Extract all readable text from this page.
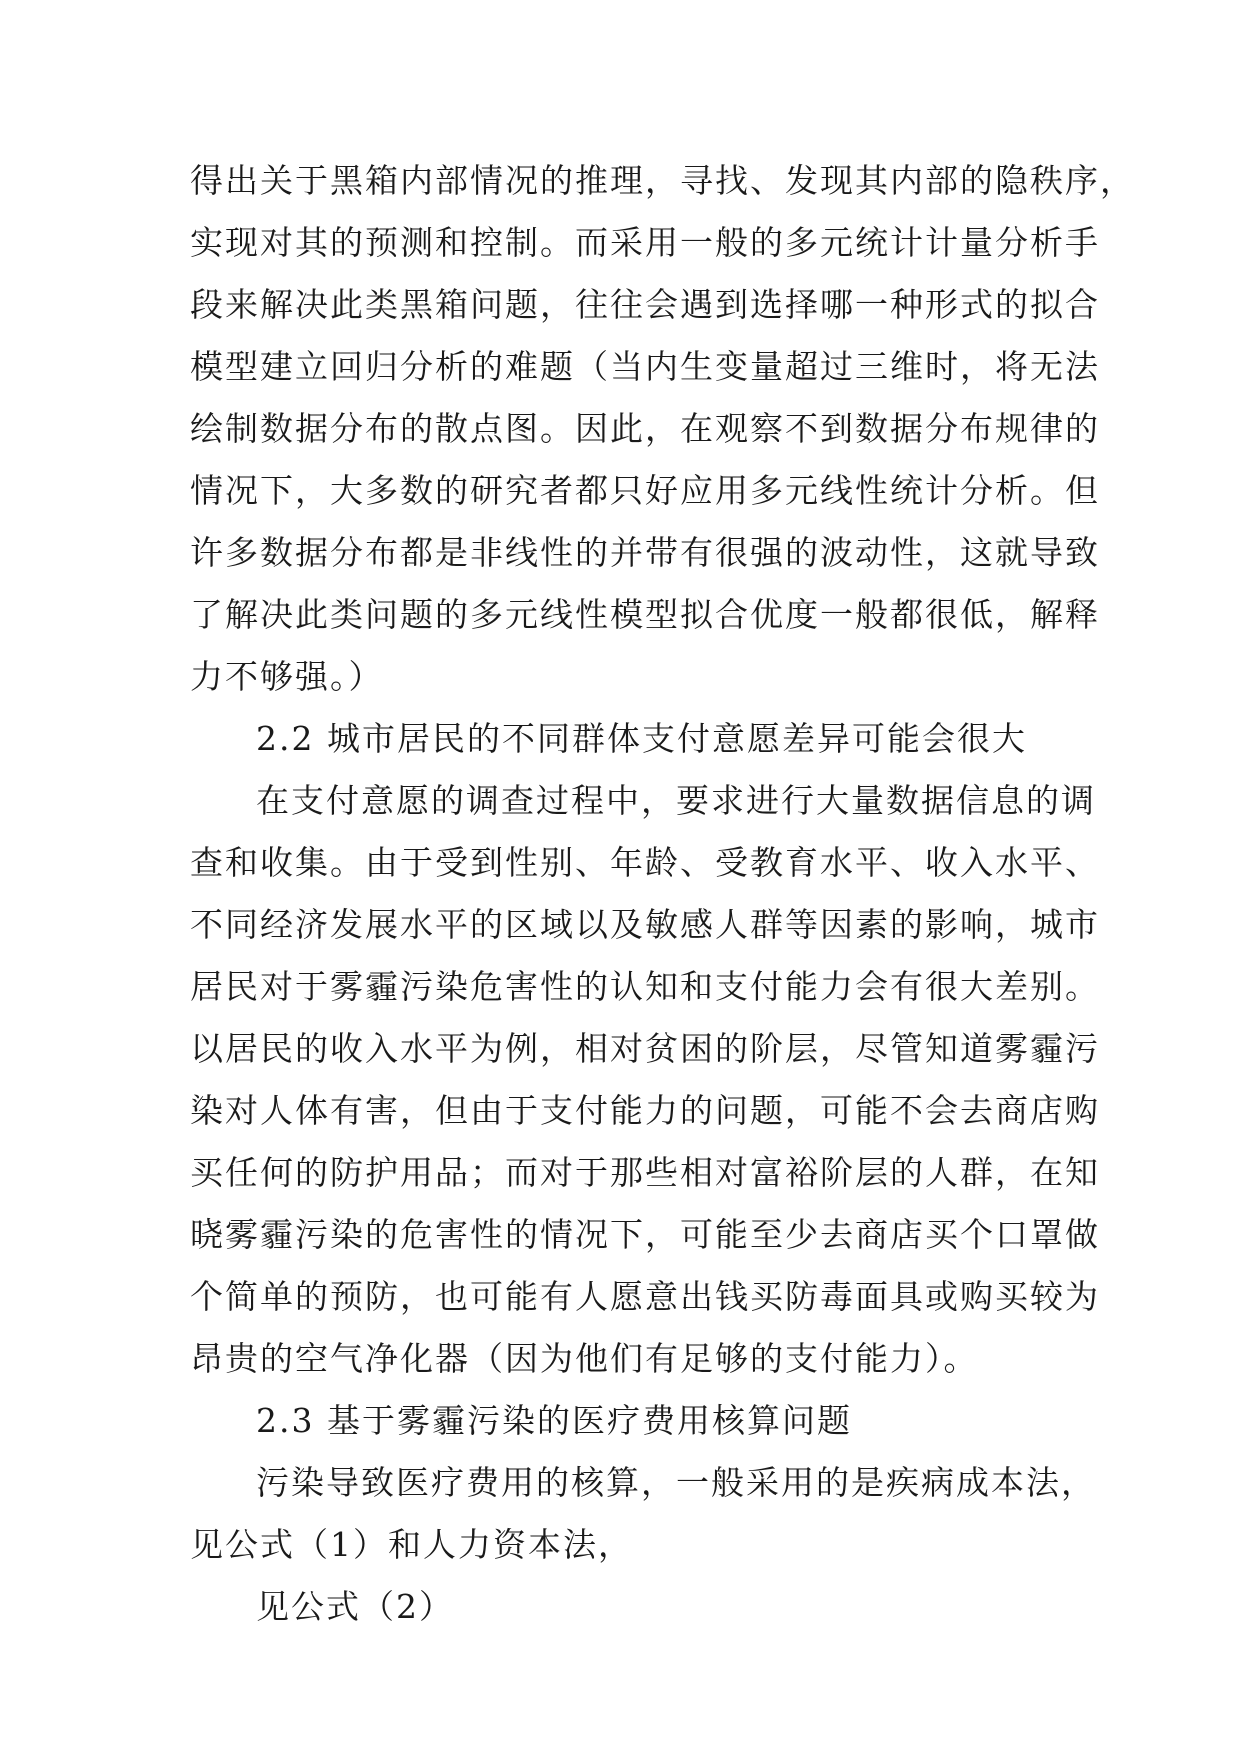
得出关于黑箱内部情况的推理，寻找、发现其内部的隐秩序，
实现对其的预测和控制。而采用一般的多元统计计量分析手
段来解决此类黑箱问题，往往会遇到选择哪一种形式的拟合
模型建立回归分析的难题（当内生变量超过三维时，将无法
绘制数据分布的散点图。因此，在观察不到数据分布规律的
情况下，大多数的研究者都只好应用多元线性统计分析。但
许多数据分布都是非线性的并带有很强的波动性，这就导致
了解决此类问题的多元线性模型拟合优度一般都很低，解释
力不够强。）
2.2 城市居民的不同群体支付意愿差异可能会很大
在支付意愿的调查过程中，要求进行大量数据信息的调
查和收集。由于受到性别、年龄、受教育水平、收入水平、
不同经济发展水平的区域以及敏感人群等因素的影响，城市
居民对于雾霾污染危害性的认知和支付能力会有很大差别。
以居民的收入水平为例，相对贫困的阶层，尽管知道雾霾污
染对人体有害，但由于支付能力的问题，可能不会去商店购
买任何的防护用品；而对于那些相对富裕阶层的人群，在知
晓雾霾污染的危害性的情况下，可能至少去商店买个口罩做
个简单的预防，也可能有人愿意出钱买防毒面具或购买较为
昂贵的空气净化器（因为他们有足够的支付能力）。
2.3 基于雾霾污染的医疗费用核算问题
污染导致医疗费用的核算，一般采用的是疾病成本法，
见公式（1）和人力资本法，
见公式（2）
